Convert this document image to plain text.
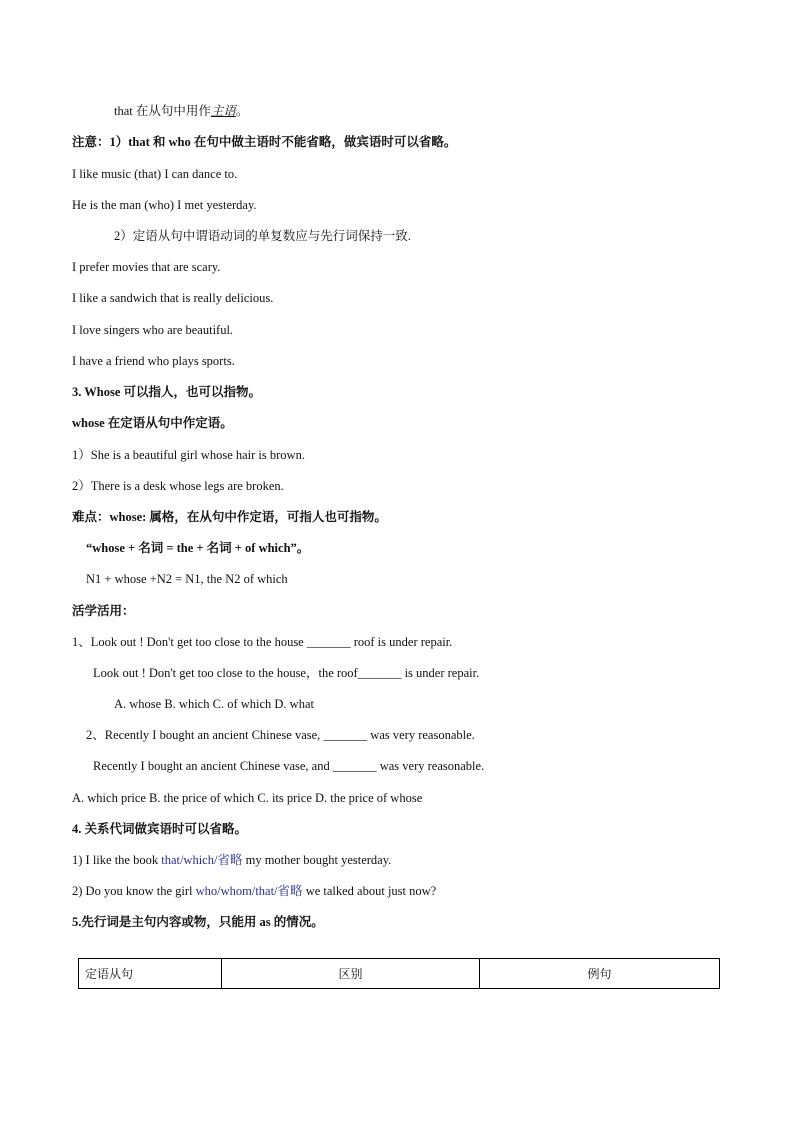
that 在从句中用作主语。
注意：1）that 和 who 在句中做主语时不能省略，做宾语时可以省略。
I like music (that) I can dance to.
He is the man (who) I met yesterday.
2）定语从句中谓语动词的单复数应与先行词保持一致.
I prefer movies that are scary.
I like a sandwich that is really delicious.
I love singers who are beautiful.
I have a friend who plays sports.
3. Whose 可以指人，也可以指物。
whose 在定语从句中作定语。
1）She is a beautiful girl whose hair is brown.
2）There is a desk whose legs are broken.
难点：whose: 属格，在从句中作定语，可指人也可指物。
“whose + 名词 = the + 名词 + of which”。
N1 + whose +N2 = N1, the N2 of which
活学活用：
1、Look out ! Don't get too close to the house _______ roof is under repair.
Look out ! Don't get too close to the house，the roof_______ is under repair.
A. whose B. which C. of which D. what
2、Recently I bought an ancient Chinese vase, _______ was very reasonable.
Recently I bought an ancient Chinese vase, and _______ was very reasonable.
A. which price B. the price of which C. its price D. the price of whose
4. 关系代词做宾语时可以省略。
1) I like the book that/which/省略 my mother bought yesterday.
2) Do you know the girl who/whom/that/省略 we talked about just now?
5.先行词是主句内容或物，只能用 as 的情况。
定语从句	区别	例句
